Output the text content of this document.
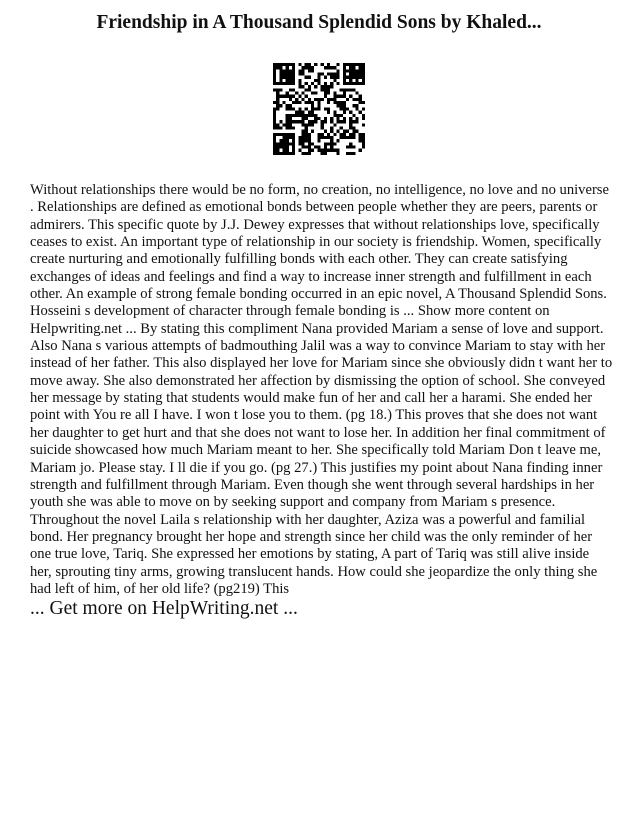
Friendship in A Thousand Splendid Sons by Khaled...

Without relationships there would be no form, no creation, no intelligence, no love and no universe . Relationships are defined as emotional bonds between people whether they are peers, parents or admirers. This specific quote by J.J. Dewey expresses that without relationships love, specifically ceases to exist. An important type of relationship in our society is friendship. Women, specifically create nurturing and emotionally fulfilling bonds with each other. They can create satisfying exchanges of ideas and feelings and find a way to increase inner strength and fulfillment in each other. An example of strong female bonding occurred in an epic novel, A Thousand Splendid Sons. Hosseini s development of character through female bonding is ... Show more content on Helpwriting.net ... By stating this compliment Nana provided Mariam a sense of love and support. Also Nana s various attempts of badmouthing Jalil was a way to convince Mariam to stay with her instead of her father. This also displayed her love for Mariam since she obviously didn t want her to move away. She also demonstrated her affection by dismissing the option of school. She conveyed her message by stating that students would make fun of her and call her a harami. She ended her point with You re all I have. I won t lose you to them. (pg 18.) This proves that she does not want her daughter to get hurt and that she does not want to lose her. In addition her final commitment of suicide showcased how much Mariam meant to her. She specifically told Mariam Don t leave me, Mariam jo. Please stay. I ll die if you go. (pg 27.) This justifies my point about Nana finding inner strength and fulfillment through Mariam. Even though she went through several hardships in her youth she was able to move on by seeking support and company from Mariam s presence.

Throughout the novel Laila s relationship with her daughter, Aziza was a powerful and familial bond. Her pregnancy brought her hope and strength since her child was the only reminder of her one true love, Tariq. She expressed her emotions by stating, A part of Tariq was still alive inside her, sprouting tiny arms, growing translucent hands. How could she jeopardize the only thing she had left of him, of her old life? (pg219) This

... Get more on HelpWriting.net ...
